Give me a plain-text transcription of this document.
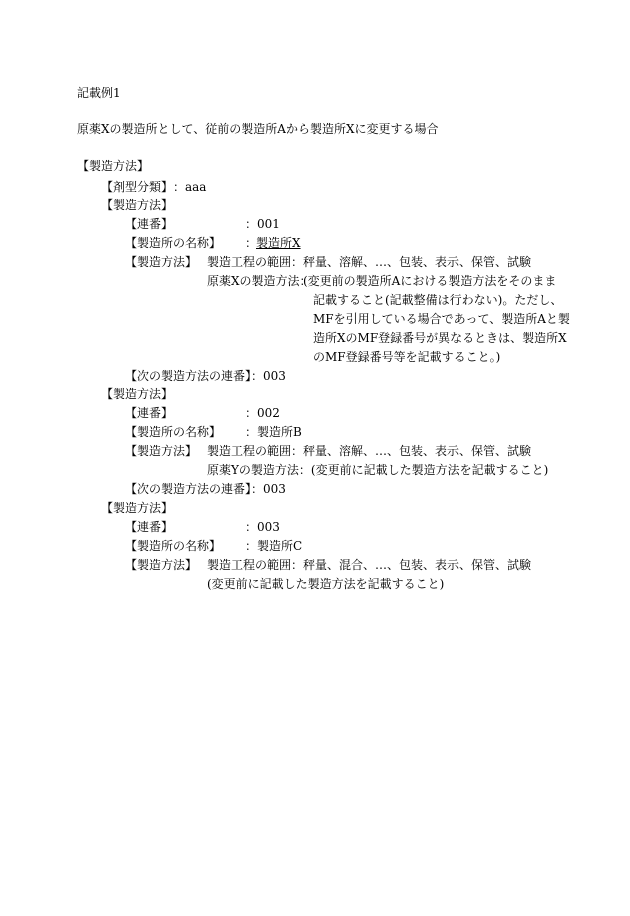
記載例1
原薬Xの製造所として、従前の製造所Aから製造所Xに変更する場合
【製造方法】
【剤型分類】 ：aaa
【製造方法】
【連番】	：001
【製造所の名称】 ：
製造所X
【製造方法】 製造工程の範囲：秤量、溶解、…、包装、表示、保管、試験
原薬Xの製造方法：
(変更前の製造所Aにおける製造方法をそのまま
記載すること(記載整備は行わない)。ただし、
MFを引用している場合であって、製造所Aと製
造所XのMF登録番号が異なるときは、製造所X
のMF登録番号等を記載すること。)
【次の製造方法の連番】：003
【製造方法】
【連番】	：002
【製造所の名称】 ：製造所B
【製造方法】 製造工程の範囲：秤量、溶解、…、包装、表示、保管、試験
原薬Yの製造方法：(変更前に記載した製造方法を記載すること)
【次の製造方法の連番】：003
【製造方法】
【連番】	：003
【製造所の名称】 ：製造所C
【製造方法】 製造工程の範囲：秤量、混合、…、包装、表示、保管、試験
(変更前に記載した製造方法を記載すること)
